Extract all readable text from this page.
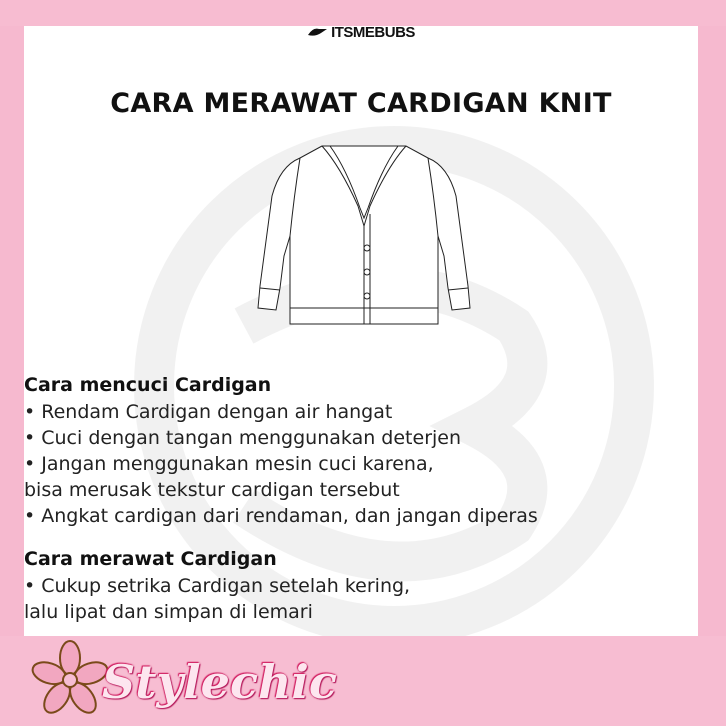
ITSMEBUBS
CARA MERAWAT CARDIGAN KNIT
Cara mencuci Cardigan
• Rendam Cardigan dengan air hangat
• Cuci dengan tangan menggunakan deterjen
• Jangan menggunakan mesin cuci karena,
bisa merusak tekstur cardigan tersebut
• Angkat cardigan dari rendaman, dan jangan diperas
Cara merawat Cardigan
• Cukup setrika Cardigan setelah kering,
lalu lipat dan simpan di lemari
Stylechic
